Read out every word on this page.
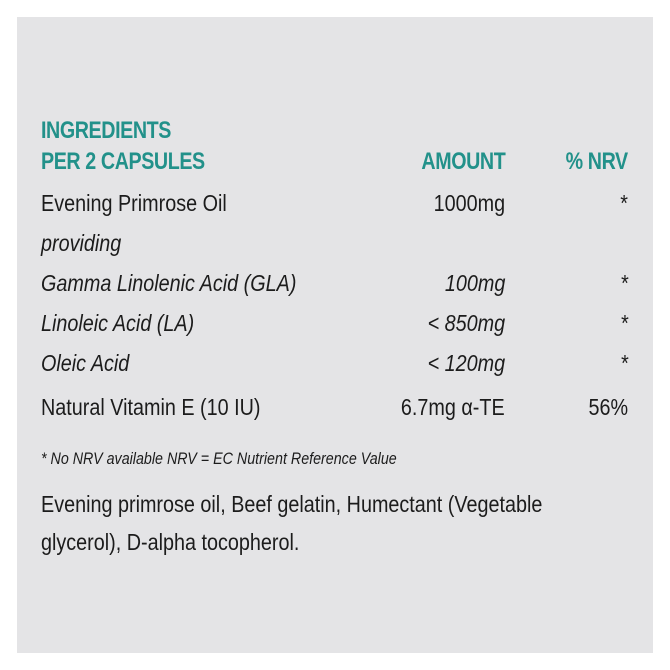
INGREDIENTS
PER 2 CAPSULES	AMOUNT	% NRV
Evening Primrose Oil	1000mg	*
providing
Gamma Linolenic Acid (GLA)	100mg	*
Linoleic Acid (LA)	< 850mg	*
Oleic Acid	< 120mg	*
Natural Vitamin E (10 IU)	6.7mg α-TE	56%
* No NRV available NRV = EC Nutrient Reference Value
Evening primrose oil, Beef gelatin, Humectant (Vegetable
glycerol), D-alpha tocopherol.
